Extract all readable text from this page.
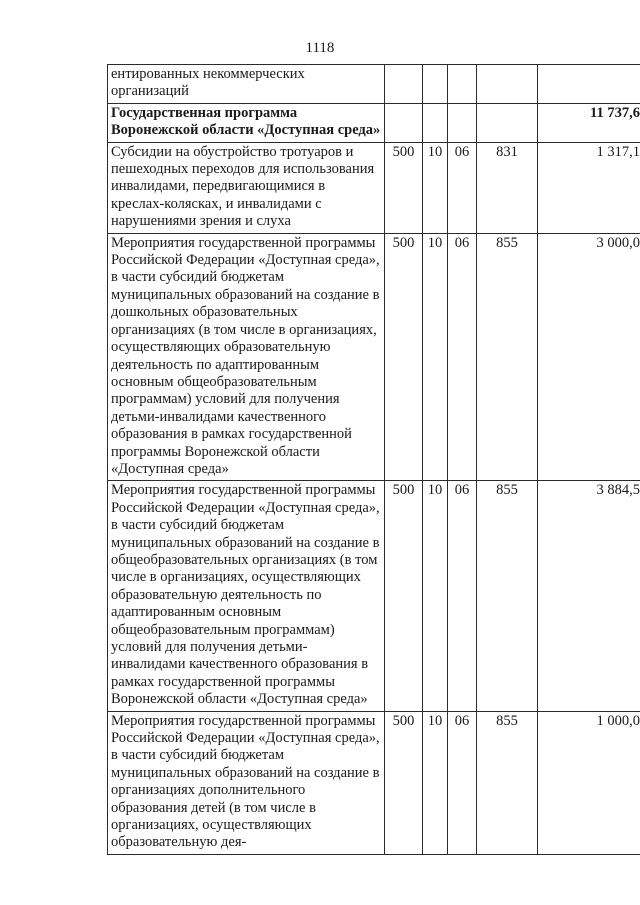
1118
ентированных некоммерческих организаций					
Государственная программа Воронежской области «Доступная среда»					11 737,6
Субсидии на обустройство тротуаров и пешеходных переходов для использования инвалидами, передвигающимися в креслах-колясках, и инвалидами с нарушениями зрения и слуха	500	10	06	831	1 317,1
Мероприятия государственной программы Российской Федерации «Доступная среда», в части субсидий бюджетам муниципальных образований на создание в дошкольных образовательных организациях (в том числе в организациях, осуществляющих образовательную деятельность по адаптированным основным общеобразовательным программам) условий для получения детьми-инвалидами качественного образования в рамках государственной программы Воронежской области «Доступная среда»	500	10	06	855	3 000,0
Мероприятия государственной программы Российской Федерации «Доступная среда», в части субсидий бюджетам муниципальных образований на создание в общеобразовательных организациях (в том числе в организациях, осуществляющих образовательную деятельность по адаптированным основным общеобразовательным программам) условий для получения детьми-инвалидами качественного образования в рамках государственной программы Воронежской области «Доступная среда»	500	10	06	855	3 884,5
Мероприятия государственной программы Российской Федерации «Доступная среда», в части субсидий бюджетам муниципальных образований на создание в организациях дополнительного образования детей (в том числе в организациях, осуществляющих образовательную дея-	500	10	06	855	1 000,0
